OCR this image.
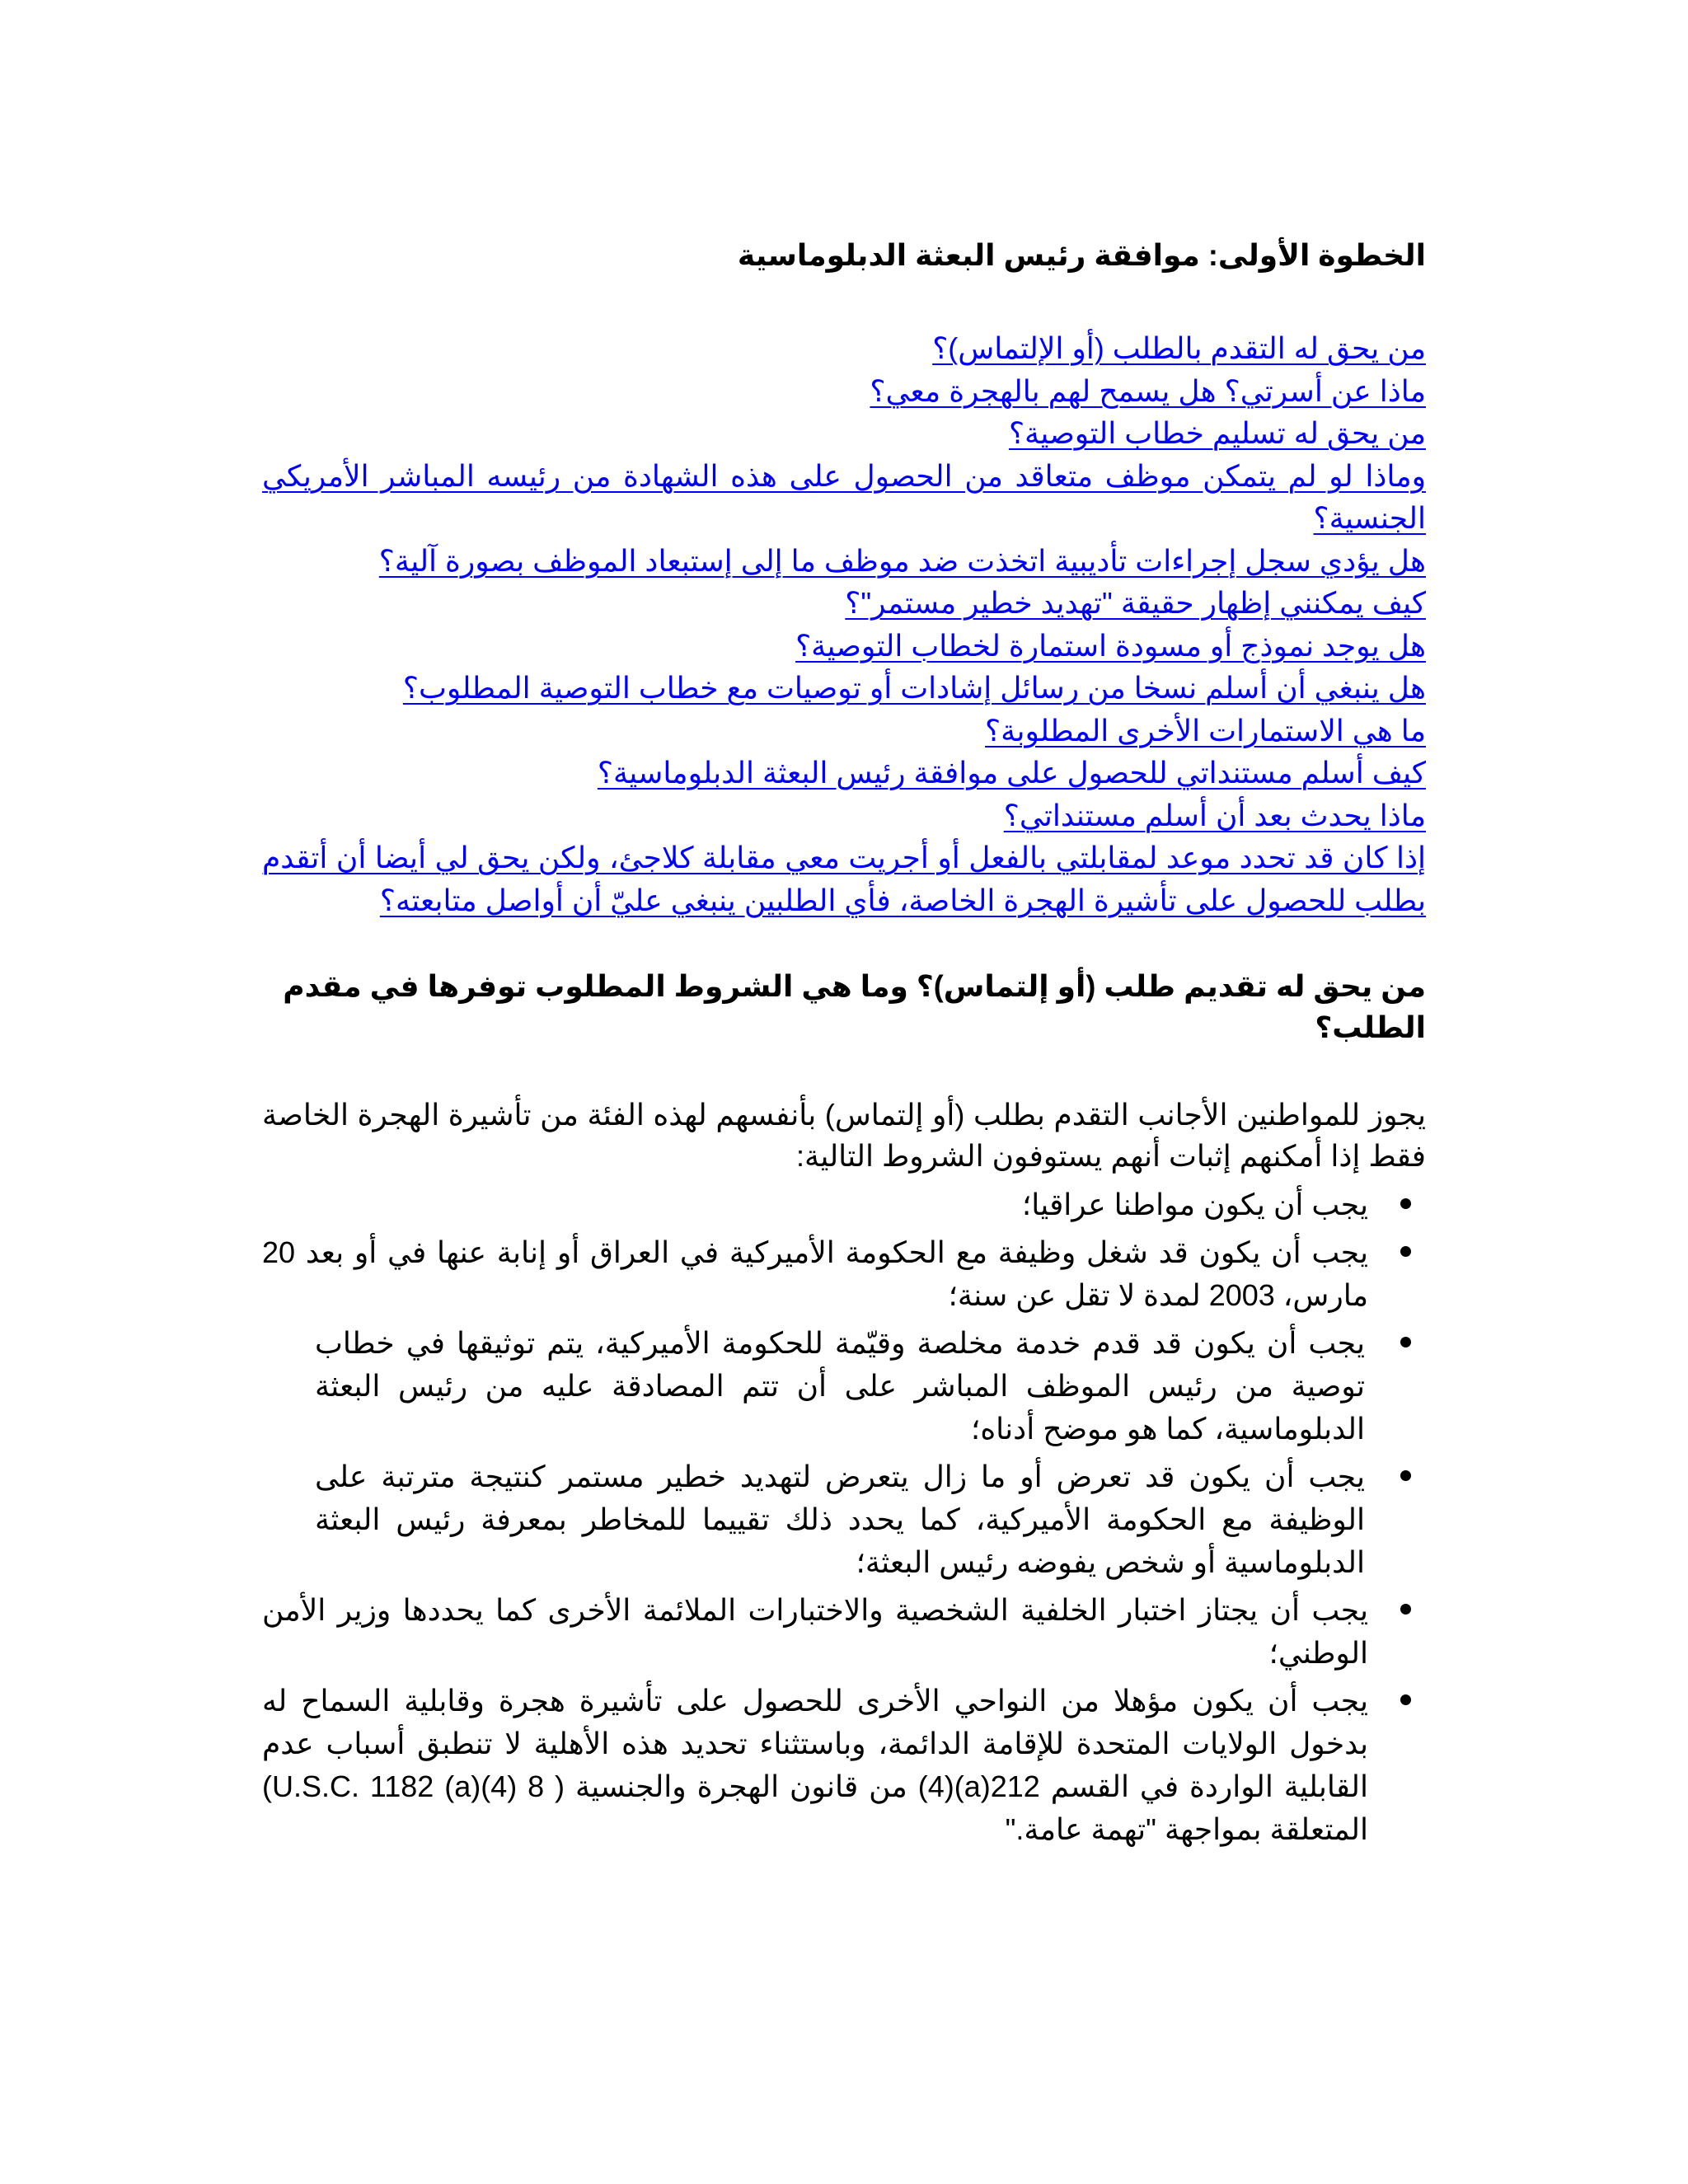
الخطوة الأولى: موافقة رئيس البعثة الدبلوماسية
من يحق له التقدم بالطلب (أو الإلتماس)؟
ماذا عن أسرتي؟ هل يسمح لهم بالهجرة معي؟
من يحق له تسليم خطاب التوصية؟
وماذا لو لم يتمكن موظف متعاقد من الحصول على هذه الشهادة من رئيسه المباشر الأمريكي الجنسية؟
هل يؤدي سجل إجراءات تأديبية اتخذت ضد موظف ما إلى إستبعاد الموظف بصورة آلية؟
كيف يمكنني إظهار حقيقة "تهديد خطير مستمر"؟
هل يوجد نموذج أو مسودة استمارة لخطاب التوصية؟
هل ينبغي أن أسلم نسخا من رسائل إشادات أو توصيات مع خطاب التوصية المطلوب؟
ما هي الاستمارات الأخرى المطلوبة؟
كيف أسلم مستنداتي للحصول على موافقة رئيس البعثة الدبلوماسية؟
ماذا يحدث بعد أن أسلم مستنداتي؟
إذا كان قد تحدد موعد لمقابلتي بالفعل أو أجريت معي مقابلة كلاجئ، ولكن يحق لي أيضا أن أتقدم بطلب للحصول على تأشيرة الهجرة الخاصة، فأي الطلبين ينبغي عليّ أن أواصل متابعته؟
من يحق له تقديم طلب (أو إلتماس)؟ وما هي الشروط المطلوب توفرها في مقدم الطلب؟

يجوز للمواطنين الأجانب التقدم بطلب (أو إلتماس) بأنفسهم لهذه الفئة من تأشيرة الهجرة الخاصة فقط إذا أمكنهم إثبات أنهم يستوفون الشروط التالية:

يجب أن يكون مواطنا عراقيا؛
يجب أن يكون قد شغل وظيفة مع الحكومة الأميركية في العراق أو إنابة عنها في أو بعد 20 مارس، 2003 لمدة لا تقل عن سنة؛
يجب أن يكون قد قدم خدمة مخلصة وقيّمة للحكومة الأميركية، يتم توثيقها في خطاب توصية من رئيس الموظف المباشر على أن تتم المصادقة عليه من رئيس البعثة الدبلوماسية، كما هو موضح أدناه؛
يجب أن يكون قد تعرض أو ما زال يتعرض لتهديد خطير مستمر كنتيجة مترتبة على الوظيفة مع الحكومة الأميركية، كما يحدد ذلك تقييما للمخاطر بمعرفة رئيس البعثة الدبلوماسية أو شخص يفوضه رئيس البعثة؛
يجب أن يجتاز اختبار الخلفية الشخصية والاختبارات الملائمة الأخرى كما يحددها وزير الأمن الوطني؛
يجب أن يكون مؤهلا من النواحي الأخرى للحصول على تأشيرة هجرة وقابلية السماح له بدخول الولايات المتحدة للإقامة الدائمة، وباستثناء تحديد هذه الأهلية لا تنطبق أسباب عدم القابلية الواردة في القسم 212(a)(4) من قانون الهجرة والجنسية ( 8 U.S.C. 1182 (a)(4)) المتعلقة بمواجهة "تهمة عامة."
